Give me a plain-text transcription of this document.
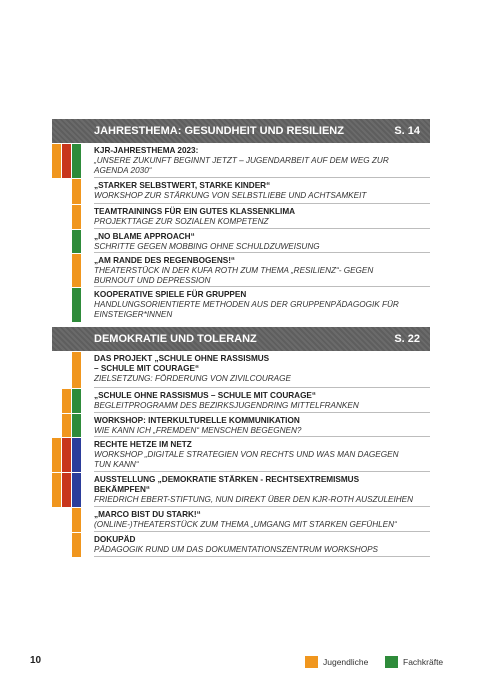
JAHRESTHEMA: GESUNDHEIT UND RESILIENZ	S. 14
KJR-JAHRESTHEMA 2023:
„UNSERE ZUKUNFT BEGINNT JETZT – JUGENDARBEIT AUF DEM WEG ZUR
AGENDA 2030“
„STARKER SELBSTWERT, STARKE KINDER“
WORKSHOP ZUR STÄRKUNG VON SELBSTLIEBE UND ACHTSAMKEIT
TEAMTRAININGS FÜR EIN GUTES KLASSENKLIMA
PROJEKTTAGE ZUR SOZIALEN KOMPETENZ
„NO BLAME APPROACH“
SCHRITTE GEGEN MOBBING OHNE SCHULDZUWEISUNG
„AM RANDE DES REGENBOGENS!“
THEATERSTÜCK IN DER KUFA ROTH ZUM THEMA „RESILIENZ“- GEGEN
BURNOUT UND DEPRESSION
KOOPERATIVE SPIELE FÜR GRUPPEN
HANDLUNGSORIENTIERTE METHODEN AUS DER GRUPPENPÄDAGOGIK FÜR
EINSTEIGER*INNEN
DEMOKRATIE UND TOLERANZ	S. 22
DAS PROJEKT „SCHULE OHNE RASSISMUS
– SCHULE MIT COURAGE“
ZIELSETZUNG: FÖRDERUNG VON ZIVILCOURAGE
„SCHULE OHNE RASSISMUS – SCHULE MIT COURAGE“
BEGLEITPROGRAMM DES BEZIRKSJUGENDRING MITTELFRANKEN
WORKSHOP: INTERKULTURELLE KOMMUNIKATION
WIE KANN ICH „FREMDEN“ MENSCHEN BEGEGNEN?
RECHTE HETZE IM NETZ
WORKSHOP „DIGITALE STRATEGIEN VON RECHTS UND WAS MAN DAGEGEN
TUN KANN“
AUSSTELLUNG „DEMOKRATIE STÄRKEN - RECHTSEXTREMISMUS
BEKÄMPFEN“
FRIEDRICH EBERT-STIFTUNG, NUN DIREKT ÜBER DEN KJR-ROTH AUSZULEIHEN
„MARCO BIST DU STARK!“
(ONLINE-)THEATERSTÜCK ZUM THEMA „UMGANG MIT STARKEN GEFÜHLEN“
DOKUPÄD
PÄDAGOGIK RUND UM DAS DOKUMENTATIONSZENTRUM WORKSHOPS
10	Jugendliche	Fachkräfte
